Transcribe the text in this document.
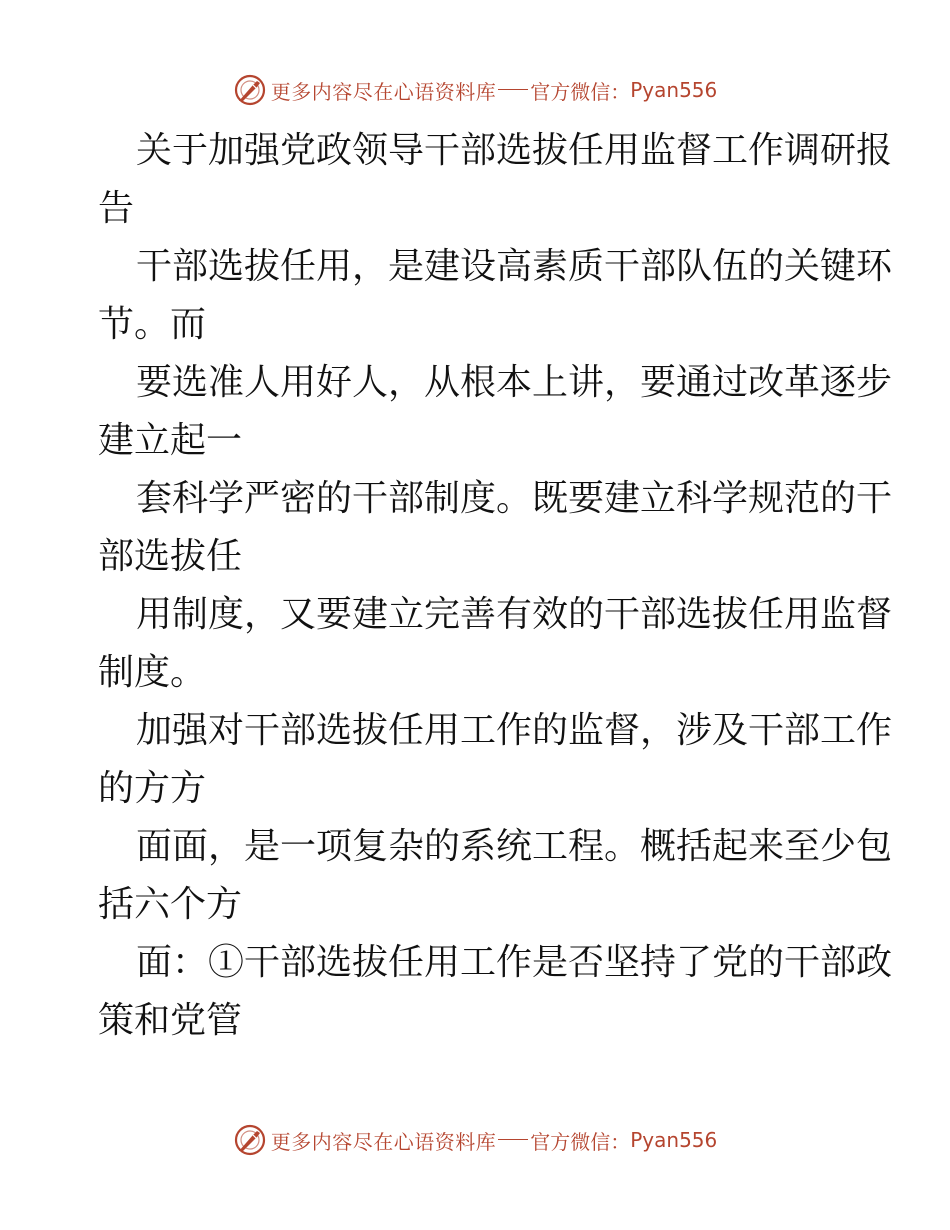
更多内容尽在心语资料库 官方微信： Pyan556
关于加强党政领导干部选拔任用监督工作调研报
告
干部选拔任用，是建设高素质干部队伍的关键环
节。而
要选准人用好人，从根本上讲，要通过改革逐步
建立起一
套科学严密的干部制度。既要建立科学规范的干
部选拔任
用制度，又要建立完善有效的干部选拔任用监督
制度。
加强对干部选拔任用工作的监督，涉及干部工作
的方方
面面，是一项复杂的系统工程。概括起来至少包
括六个方
面：①干部选拔任用工作是否坚持了党的干部政
策和党管
更多内容尽在心语资料库 官方微信： Pyan556
